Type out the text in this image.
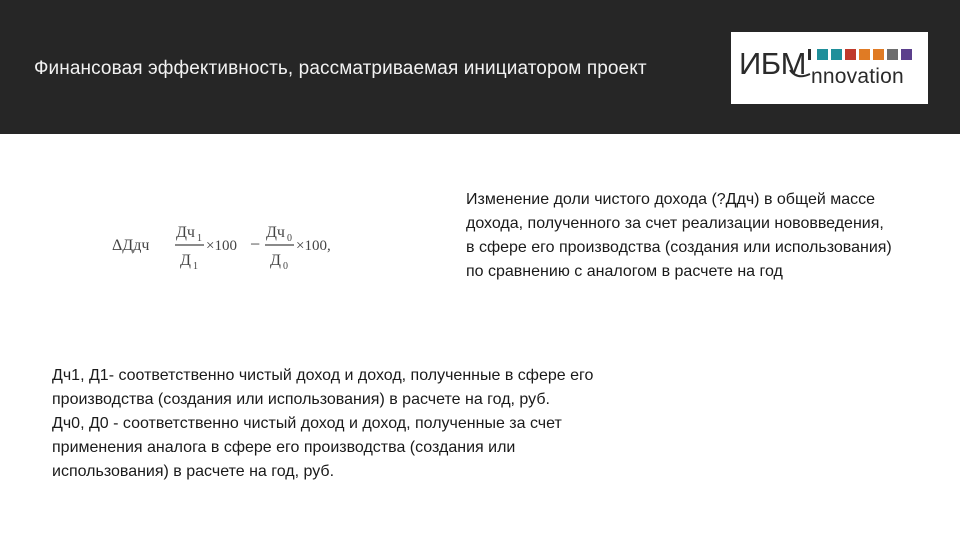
Финансовая эффективность, рассматриваемая инициатором проект	ИБМ nnovation
ΔДдч
Дч 1
Д 1
×100 −
Дч 0
Д 0
×100,
Изменение доли чистого дохода (?Ддч) в общей массе дохода, полученного за счет реализации нововведения, в сфере его производства (создания или использования) по сравнению с аналогом в расчете на год

Дч1, Д1- соответственно чистый доход и доход, полученные в сфере его производства (создания или использования) в расчете на год, руб.

Дч0, Д0 - соответственно чистый доход и доход, полученные за счет применения аналога в сфере его производства (создания или использования) в расчете на год, руб.
